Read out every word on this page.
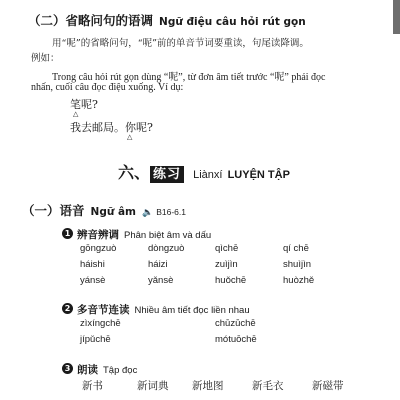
（二）省略问句的语调 Ngữ điệu câu hỏi rút gọn
用“呢”的省略问句，“呢”前的单音节词要重读，句尾读降调。
例如：
Trong câu hỏi rút gọn dùng “呢”, từ đơn âm tiết trước “呢” phải đọc
nhấn, cuối câu đọc điệu xuống. Ví dụ:
笔呢?
△
我去邮局。你呢?
△
六、 练习 Liànxí LUYỆN TẬP
（一）语音 Ngữ âm 🔈 B16-6.1
1 辨音辨调 Phân biệt âm và dấu
gōngzuò	dòngzuò	qìchē	qí chē
háishi	háizi	zuìjìn	shuìjìn
yánsè	yǎnsè	huǒchē	huòzhě
2 多音节连读 Nhiều âm tiết đọc liền nhau
zìxíngchē	chūzūchē
jípǔchē	mótuōchē
3 朗读 Tập đọc
新书	新词典 新地图	新毛衣	新磁带
